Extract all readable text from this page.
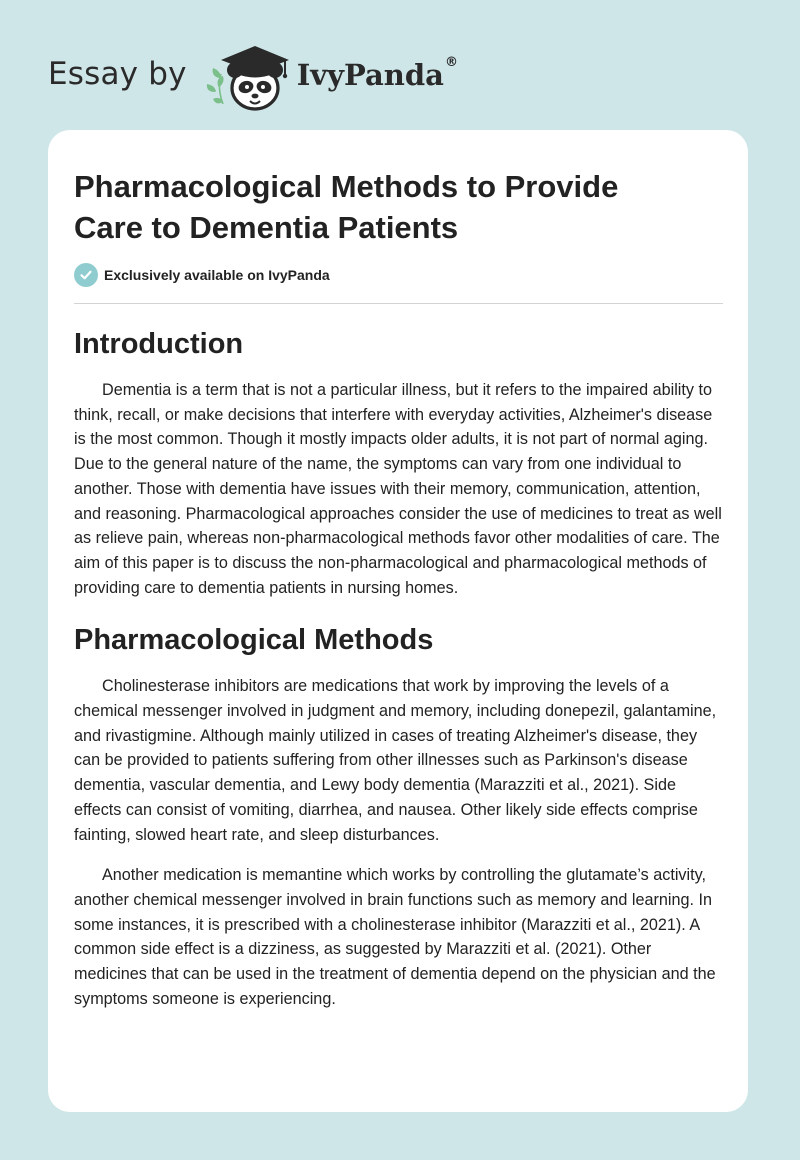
Essay by	IvyPanda ®
Pharmacological Methods to Provide Care to Dementia Patients
Exclusively available on IvyPanda
Introduction

Dementia is a term that is not a particular illness, but it refers to the impaired ability to think, recall, or make decisions that interfere with everyday activities, Alzheimer's disease is the most common. Though it mostly impacts older adults, it is not part of normal aging. Due to the general nature of the name, the symptoms can vary from one individual to another. Those with dementia have issues with their memory, communication, attention, and reasoning. Pharmacological approaches consider the use of medicines to treat as well as relieve pain, whereas non-pharmacological methods favor other modalities of care. The aim of this paper is to discuss the non-pharmacological and pharmacological methods of providing care to dementia patients in nursing homes.

Pharmacological Methods

Cholinesterase inhibitors are medications that work by improving the levels of a chemical messenger involved in judgment and memory, including donepezil, galantamine, and rivastigmine. Although mainly utilized in cases of treating Alzheimer's disease, they can be provided to patients suffering from other illnesses such as Parkinson's disease dementia, vascular dementia, and Lewy body dementia (Marazziti et al., 2021). Side effects can consist of vomiting, diarrhea, and nausea. Other likely side effects comprise fainting, slowed heart rate, and sleep disturbances.

Another medication is memantine which works by controlling the glutamate’s activity, another chemical messenger involved in brain functions such as memory and learning. In some instances, it is prescribed with a cholinesterase inhibitor (Marazziti et al., 2021). A common side effect is a dizziness, as suggested by Marazziti et al. (2021). Other medicines that can be used in the treatment of dementia depend on the physician and the symptoms someone is experiencing.
